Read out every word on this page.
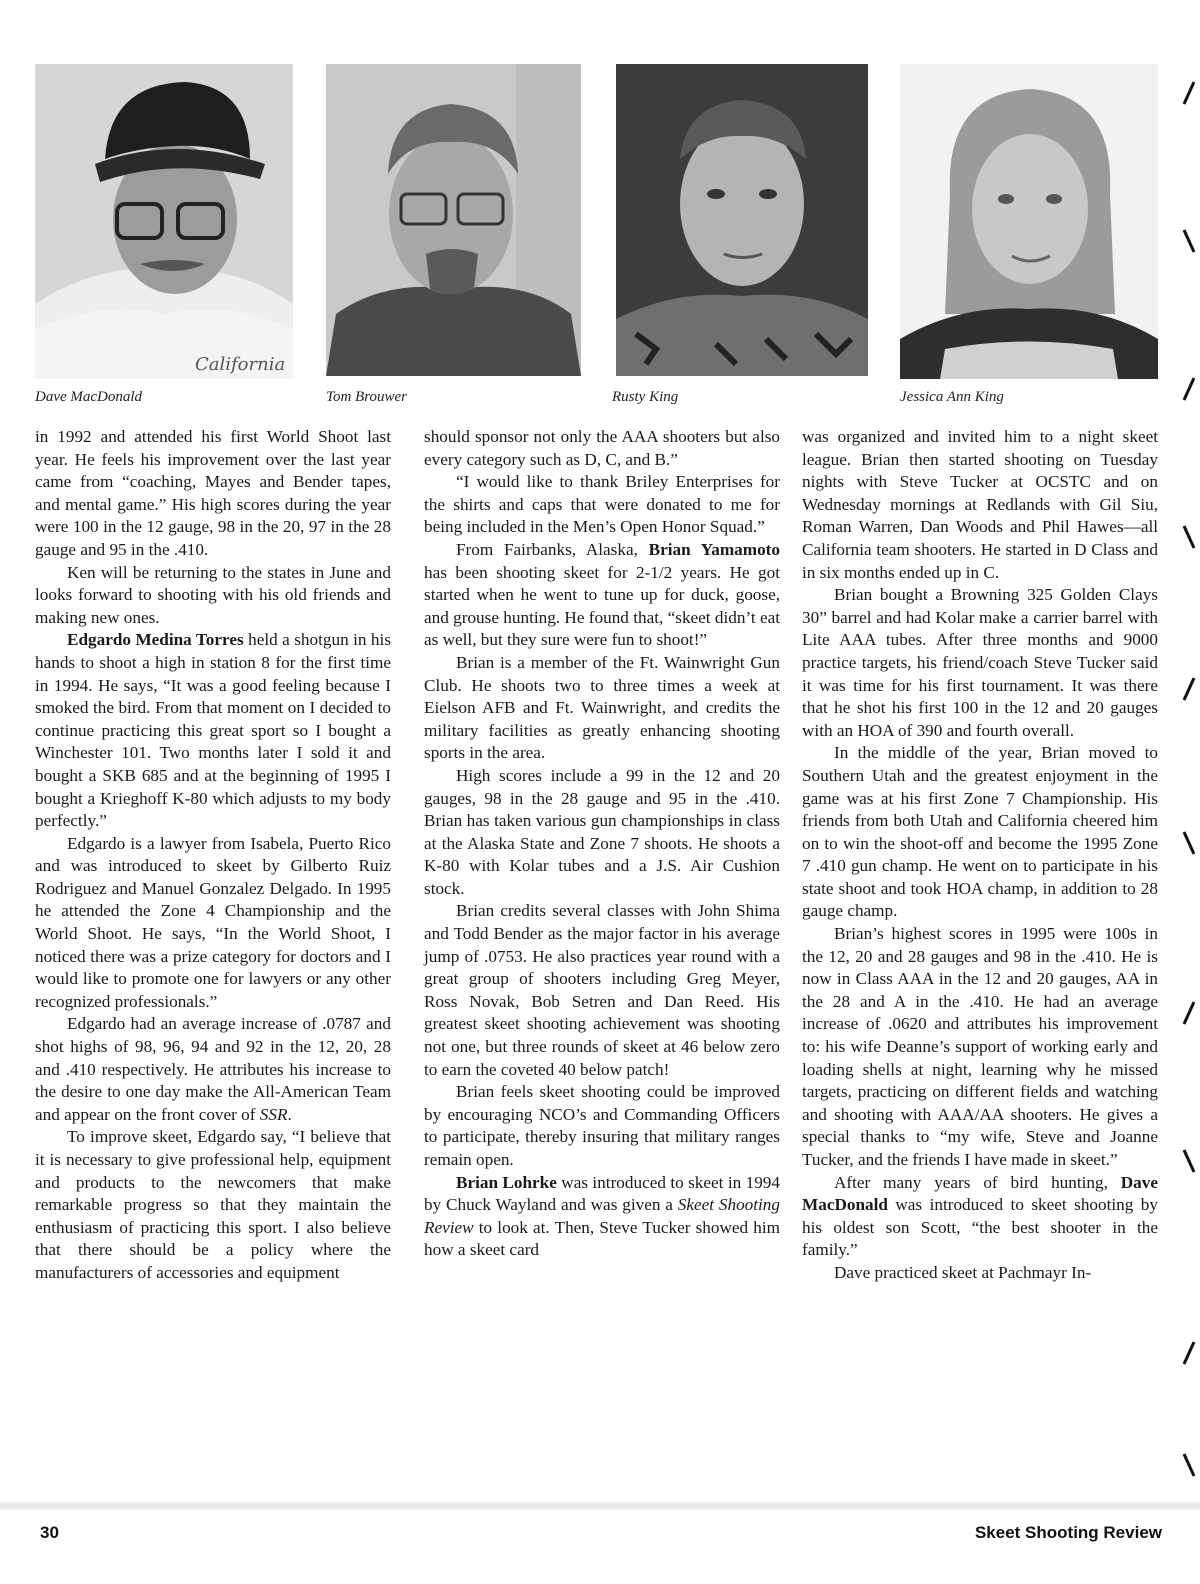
California
Dave MacDonald	Tom Brouwer	Rusty King	Jessica Ann King

in 1992 and attended his first World Shoot last year. He feels his improvement over the last year came from “coaching, Mayes and Bender tapes, and mental game.” His high scores during the year were 100 in the 12 gauge, 98 in the 20, 97 in the 28 gauge and 95 in the .410.

Ken will be returning to the states in June and looks forward to shooting with his old friends and making new ones.

Edgardo Medina Torres held a shotgun in his hands to shoot a high in station 8 for the first time in 1994. He says, “It was a good feeling because I smoked the bird. From that moment on I decided to continue practicing this great sport so I bought a Winchester 101. Two months later I sold it and bought a SKB 685 and at the beginning of 1995 I bought a Krieghoff K-80 which adjusts to my body perfectly.”

Edgardo is a lawyer from Isabela, Puerto Rico and was introduced to skeet by Gilberto Ruiz Rodriguez and Manuel Gonzalez Delgado. In 1995 he attended the Zone 4 Championship and the World Shoot. He says, “In the World Shoot, I noticed there was a prize category for doctors and I would like to promote one for lawyers or any other recognized professionals.”

Edgardo had an average increase of .0787 and shot highs of 98, 96, 94 and 92 in the 12, 20, 28 and .410 respectively. He attributes his increase to the desire to one day make the All-American Team and appear on the front cover of SSR.

To improve skeet, Edgardo say, “I believe that it is necessary to give professional help, equipment and products to the newcomers that make remarkable progress so that they maintain the enthusiasm of practicing this sport. I also believe that there should be a policy where the manufacturers of accessories and equipment

should sponsor not only the AAA shooters but also every category such as D, C, and B.”

“I would like to thank Briley Enterprises for the shirts and caps that were donated to me for being included in the Men’s Open Honor Squad.”

From Fairbanks, Alaska, Brian Yamamoto has been shooting skeet for 2-1/2 years. He got started when he went to tune up for duck, goose, and grouse hunting. He found that, “skeet didn’t eat as well, but they sure were fun to shoot!”

Brian is a member of the Ft. Wainwright Gun Club. He shoots two to three times a week at Eielson AFB and Ft. Wainwright, and credits the military facilities as greatly enhancing shooting sports in the area.

High scores include a 99 in the 12 and 20 gauges, 98 in the 28 gauge and 95 in the .410. Brian has taken various gun championships in class at the Alaska State and Zone 7 shoots. He shoots a K-80 with Kolar tubes and a J.S. Air Cushion stock.

Brian credits several classes with John Shima and Todd Bender as the major factor in his average jump of .0753. He also practices year round with a great group of shooters including Greg Meyer, Ross Novak, Bob Setren and Dan Reed. His greatest skeet shooting achievement was shooting not one, but three rounds of skeet at 46 below zero to earn the coveted 40 below patch!

Brian feels skeet shooting could be improved by encouraging NCO’s and Commanding Officers to participate, thereby insuring that military ranges remain open.

Brian Lohrke was introduced to skeet in 1994 by Chuck Wayland and was given a Skeet Shooting Review to look at. Then, Steve Tucker showed him how a skeet card

was organized and invited him to a night skeet league. Brian then started shooting on Tuesday nights with Steve Tucker at OCSTC and on Wednesday mornings at Redlands with Gil Siu, Roman Warren, Dan Woods and Phil Hawes—all California team shooters. He started in D Class and in six months ended up in C.

Brian bought a Browning 325 Golden Clays 30” barrel and had Kolar make a carrier barrel with Lite AAA tubes. After three months and 9000 practice targets, his friend/coach Steve Tucker said it was time for his first tournament. It was there that he shot his first 100 in the 12 and 20 gauges with an HOA of 390 and fourth overall.

In the middle of the year, Brian moved to Southern Utah and the greatest enjoyment in the game was at his first Zone 7 Championship. His friends from both Utah and California cheered him on to win the shoot-off and become the 1995 Zone 7 .410 gun champ. He went on to participate in his state shoot and took HOA champ, in addition to 28 gauge champ.

Brian’s highest scores in 1995 were 100s in the 12, 20 and 28 gauges and 98 in the .410. He is now in Class AAA in the 12 and 20 gauges, AA in the 28 and A in the .410. He had an average increase of .0620 and attributes his improvement to: his wife Deanne’s support of working early and loading shells at night, learning why he missed targets, practicing on different fields and watching and shooting with AAA/AA shooters. He gives a special thanks to “my wife, Steve and Joanne Tucker, and the friends I have made in skeet.”

After many years of bird hunting, Dave MacDonald was introduced to skeet shooting by his oldest son Scott, “the best shooter in the family.”

Dave practiced skeet at Pachmayr In-

30	Skeet Shooting Review
